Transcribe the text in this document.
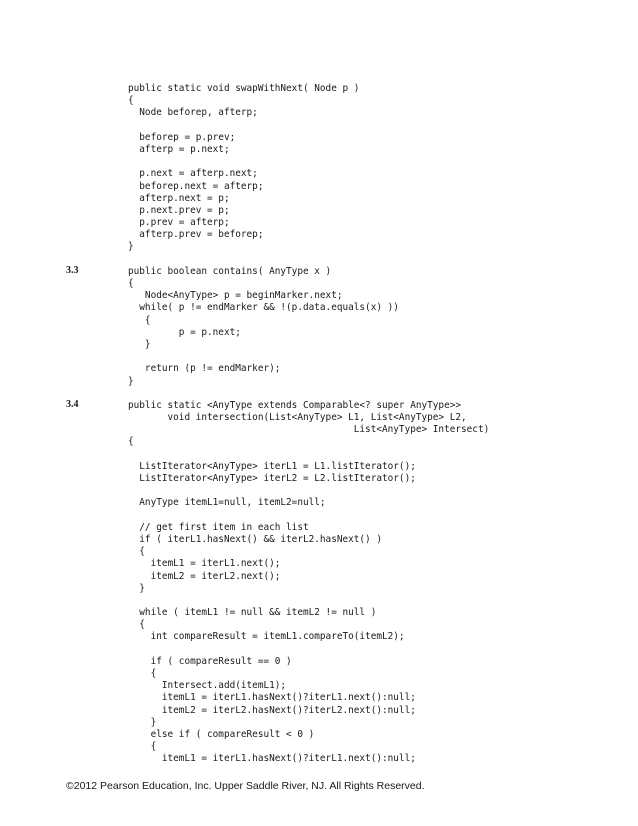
3.3
3.4
public static void swapWithNext( Node p )
{
Node beforep, afterp;
beforep = p.prev;
afterp = p.next;
p.next = afterp.next;
beforep.next = afterp;
afterp.next = p;
p.next.prev = p;
p.prev = afterp;
afterp.prev = beforep;
}
public boolean contains( AnyType x )
{
Node<AnyType> p = beginMarker.next;
while( p != endMarker && !(p.data.equals(x) ))
{
p = p.next;
}
return (p != endMarker);
}
public static <AnyType extends Comparable<? super AnyType>>
void intersection(List<AnyType> L1, List<AnyType> L2,
List<AnyType> Intersect)
{
ListIterator<AnyType> iterL1 = L1.listIterator();
ListIterator<AnyType> iterL2 = L2.listIterator();
AnyType itemL1=null, itemL2=null;
// get first item in each list
if ( iterL1.hasNext() && iterL2.hasNext() )
{
itemL1 = iterL1.next();
itemL2 = iterL2.next();
}
while ( itemL1 != null && itemL2 != null )
{
int compareResult = itemL1.compareTo(itemL2);
if ( compareResult == 0 )
{
Intersect.add(itemL1);
itemL1 = iterL1.hasNext()?iterL1.next():null;
itemL2 = iterL2.hasNext()?iterL2.next():null;
}
else if ( compareResult < 0 )
{
itemL1 = iterL1.hasNext()?iterL1.next():null;
©2012 Pearson Education, Inc. Upper Saddle River, NJ. All Rights Reserved.
